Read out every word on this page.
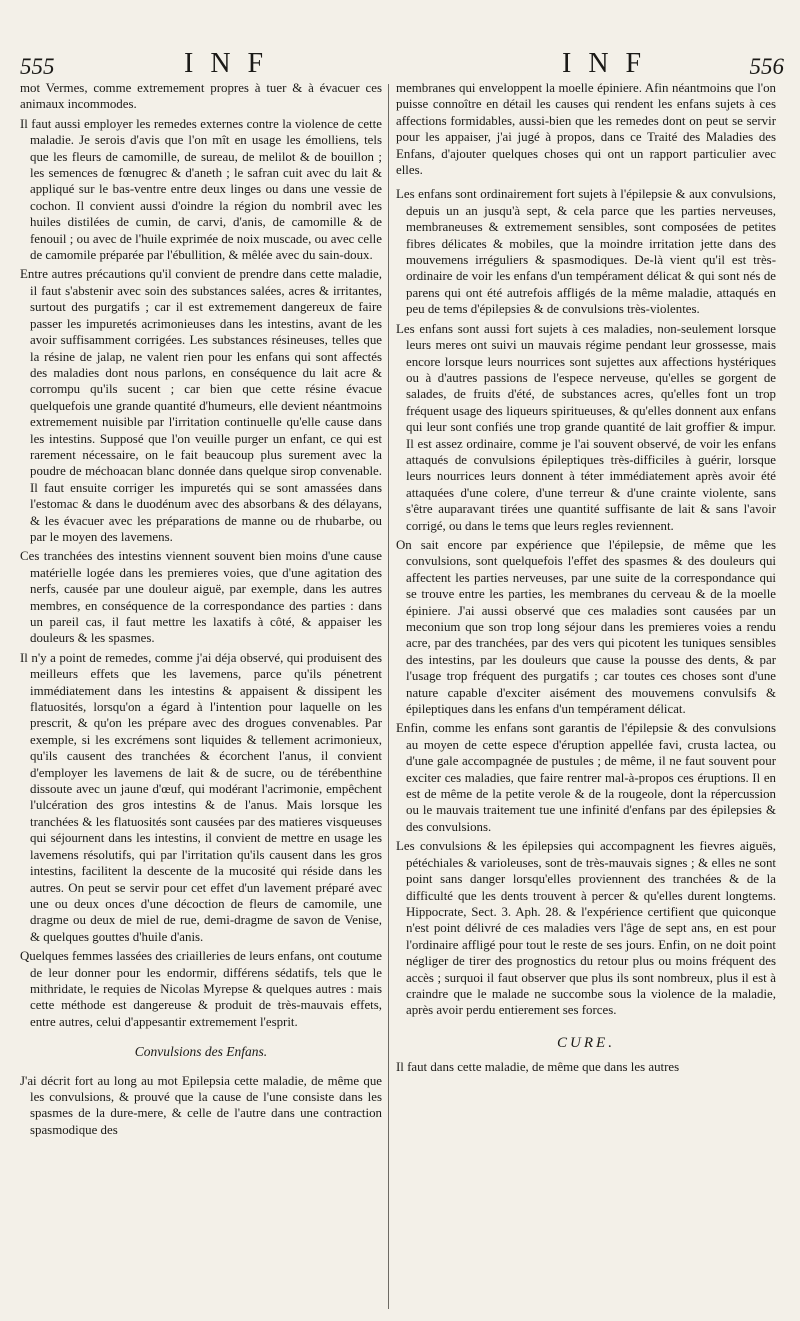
555	I N F	I N F	556

mot Vermes, comme extremement propres à tuer & à évacuer ces animaux incommodes.

Il faut aussi employer les remedes externes contre la violence de cette maladie. Je serois d'avis que l'on mît en usage les émolliens, tels que les fleurs de camomille, de sureau, de melilot & de bouillon ; les semences de fœnugrec & d'aneth ; le safran cuit avec du lait & appliqué sur le bas-ventre entre deux linges ou dans une vessie de cochon. Il convient aussi d'oindre la région du nombril avec les huiles distilées de cumin, de carvi, d'anis, de camomille & de fenouil ; ou avec de l'huile exprimée de noix muscade, ou avec celle de camomile préparée par l'ébullition, & mêlée avec du sain-doux.

Entre autres précautions qu'il convient de prendre dans cette maladie, il faut s'abstenir avec soin des substances salées, acres & irritantes, surtout des purgatifs ; car il est extremement dangereux de faire passer les impuretés acrimonieuses dans les intestins, avant de les avoir suffisamment corrigées. Les substances résineuses, telles que la résine de jalap, ne valent rien pour les enfans qui sont affectés des maladies dont nous parlons, en conséquence du lait acre & corrompu qu'ils sucent ; car bien que cette résine évacue quelquefois une grande quantité d'humeurs, elle devient néantmoins extremement nuisible par l'irritation continuelle qu'elle cause dans les intestins. Supposé que l'on veuille purger un enfant, ce qui est rarement nécessaire, on le fait beaucoup plus surement avec la poudre de méchoacan blanc donnée dans quelque sirop convenable. Il faut ensuite corriger les impuretés qui se sont amassées dans l'estomac & dans le duodénum avec des absorbans & des délayans, & les évacuer avec les préparations de manne ou de rhubarbe, ou par le moyen des lavemens.

Ces tranchées des intestins viennent souvent bien moins d'une cause matérielle logée dans les premieres voies, que d'une agitation des nerfs, causée par une douleur aiguë, par exemple, dans les autres membres, en conséquence de la correspondance des parties : dans un pareil cas, il faut mettre les laxatifs à côté, & appaiser les douleurs & les spasmes.

Il n'y a point de remedes, comme j'ai déja observé, qui produisent des meilleurs effets que les lavemens, parce qu'ils pénetrent immédiatement dans les intestins & appaisent & dissipent les flatuosités, lorsqu'on a égard à l'intention pour laquelle on les prescrit, & qu'on les prépare avec des drogues convenables. Par exemple, si les excrémens sont liquides & tellement acrimonieux, qu'ils causent des tranchées & écorchent l'anus, il convient d'employer les lavemens de lait & de sucre, ou de térébenthine dissoute avec un jaune d'œuf, qui modérant l'acrimonie, empêchent l'ulcération des gros intestins & de l'anus. Mais lorsque les tranchées & les flatuosités sont causées par des matieres visqueuses qui séjournent dans les intestins, il convient de mettre en usage les lavemens résolutifs, qui par l'irritation qu'ils causent dans les gros intestins, facilitent la descente de la mucosité qui réside dans les autres. On peut se servir pour cet effet d'un lavement préparé avec une ou deux onces d'une décoction de fleurs de camomile, une dragme ou deux de miel de rue, demi-dragme de savon de Venise, & quelques gouttes d'huile d'anis.

Quelques femmes lassées des criailleries de leurs enfans, ont coutume de leur donner pour les endormir, différens sédatifs, tels que le mithridate, le requies de Nicolas Myrepse & quelques autres : mais cette méthode est dangereuse & produit de très-mauvais effets, entre autres, celui d'appesantir extremement l'esprit.

Convulsions des Enfans.

J'ai décrit fort au long au mot Epilepsia cette maladie, de même que les convulsions, & prouvé que la cause de l'une consiste dans les spasmes de la dure-mere, & celle de l'autre dans une contraction spasmodique des

membranes qui enveloppent la moelle épiniere. Afin néantmoins que l'on puisse connoître en détail les causes qui rendent les enfans sujets à ces affections formidables, aussi-bien que les remedes dont on peut se servir pour les appaiser, j'ai jugé à propos, dans ce Traité des Maladies des Enfans, d'ajouter quelques choses qui ont un rapport particulier avec elles.

Les enfans sont ordinairement fort sujets à l'épilepsie & aux convulsions, depuis un an jusqu'à sept, & cela parce que les parties nerveuses, membraneuses & extremement sensibles, sont composées de petites fibres délicates & mobiles, que la moindre irritation jette dans des mouvemens irréguliers & spasmodiques. De-là vient qu'il est très-ordinaire de voir les enfans d'un tempérament délicat & qui sont nés de parens qui ont été autrefois affligés de la même maladie, attaqués en peu de tems d'épilepsies & de convulsions très-violentes.

Les enfans sont aussi fort sujets à ces maladies, non-seulement lorsque leurs meres ont suivi un mauvais régime pendant leur grossesse, mais encore lorsque leurs nourrices sont sujettes aux affections hystériques ou à d'autres passions de l'espece nerveuse, qu'elles se gorgent de salades, de fruits d'été, de substances acres, qu'elles font un trop fréquent usage des liqueurs spiritueuses, & qu'elles donnent aux enfans qui leur sont confiés une trop grande quantité de lait groffier & impur. Il est assez ordinaire, comme je l'ai souvent observé, de voir les enfans attaqués de convulsions épileptiques très-difficiles à guérir, lorsque leurs nourrices leurs donnent à téter immédiatement après avoir été attaquées d'une colere, d'une terreur & d'une crainte violente, sans s'être auparavant tirées une quantité suffisante de lait & sans l'avoir corrigé, ou dans le tems que leurs regles reviennent.

On sait encore par expérience que l'épilepsie, de même que les convulsions, sont quelquefois l'effet des spasmes & des douleurs qui affectent les parties nerveuses, par une suite de la correspondance qui se trouve entre les parties, les membranes du cerveau & de la moelle épiniere. J'ai aussi observé que ces maladies sont causées par un meconium que son trop long séjour dans les premieres voies a rendu acre, par des tranchées, par des vers qui picotent les tuniques sensibles des intestins, par les douleurs que cause la pousse des dents, & par l'usage trop fréquent des purgatifs ; car toutes ces choses sont d'une nature capable d'exciter aisément des mouvemens convulsifs & épileptiques dans les enfans d'un tempérament délicat.

Enfin, comme les enfans sont garantis de l'épilepsie & des convulsions au moyen de cette espece d'éruption appellée favi, crusta lactea, ou d'une gale accompagnée de pustules ; de même, il ne faut souvent pour exciter ces maladies, que faire rentrer mal-à-propos ces éruptions. Il en est de même de la petite verole & de la rougeole, dont la répercussion ou le mauvais traitement tue une infinité d'enfans par des épilepsies & des convulsions.

Les convulsions & les épilepsies qui accompagnent les fievres aiguës, pétéchiales & varioleuses, sont de très-mauvais signes ; & elles ne sont point sans danger lorsqu'elles proviennent des tranchées & de la difficulté que les dents trouvent à percer & qu'elles durent longtems. Hippocrate, Sect. 3. Aph. 28. & l'expérience certifient que quiconque n'est point délivré de ces maladies vers l'âge de sept ans, en est pour l'ordinaire affligé pour tout le reste de ses jours. Enfin, on ne doit point négliger de tirer des prognostics du retour plus ou moins fréquent des accès ; surquoi il faut observer que plus ils sont nombreux, plus il est à craindre que le malade ne succombe sous la violence de la maladie, après avoir perdu entierement ses forces.

CURE.

Il faut dans cette maladie, de même que dans les autres
